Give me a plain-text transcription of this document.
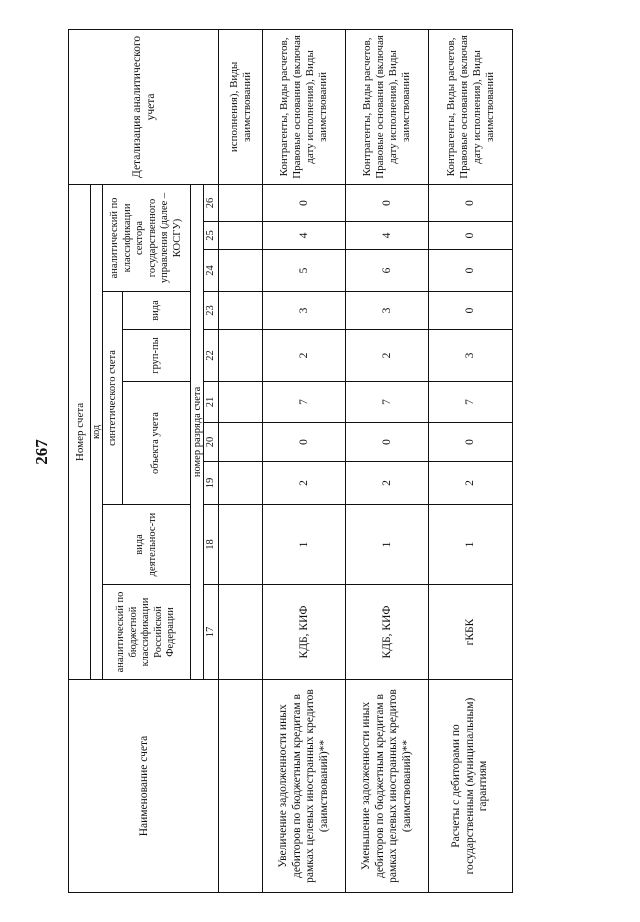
267
Наименование счета	Номер счета										Детализация аналитического учета
	код										
	аналитический по бюджетной классификации Российской Федерации	вида деятельнос-ти	синтетического счета					аналитический по классификации сектора государственного управления (далее – КОСГУ)			
			объекта учета			груп-пы	вида				
	номер разряда счета										
	17	18	19	20	21	22	23	24	25	26	
											исполнения), Виды заимствований
Увеличение задолженности иных дебиторов по бюджетным кредитам в рамках целевых иностранных кредитов (заимствований)**	КДБ, КИФ	1	2	0	7	2	3	5	4	0	Контрагенты, Виды расчетов, Правовые основания (включая дату исполнения), Виды заимствований
Уменьшение задолженности иных дебиторов по бюджетным кредитам в рамках целевых иностранных кредитов (заимствований)**	КДБ, КИФ	1	2	0	7	2	3	6	4	0	Контрагенты, Виды расчетов, Правовые основания (включая дату исполнения), Виды заимствований
Расчеты с дебиторами по государственным (муниципальным) гарантиям	гКБК	1	2	0	7	3	0	0	0	0	Контрагенты, Виды расчетов, Правовые основания (включая дату исполнения), Виды заимствований
